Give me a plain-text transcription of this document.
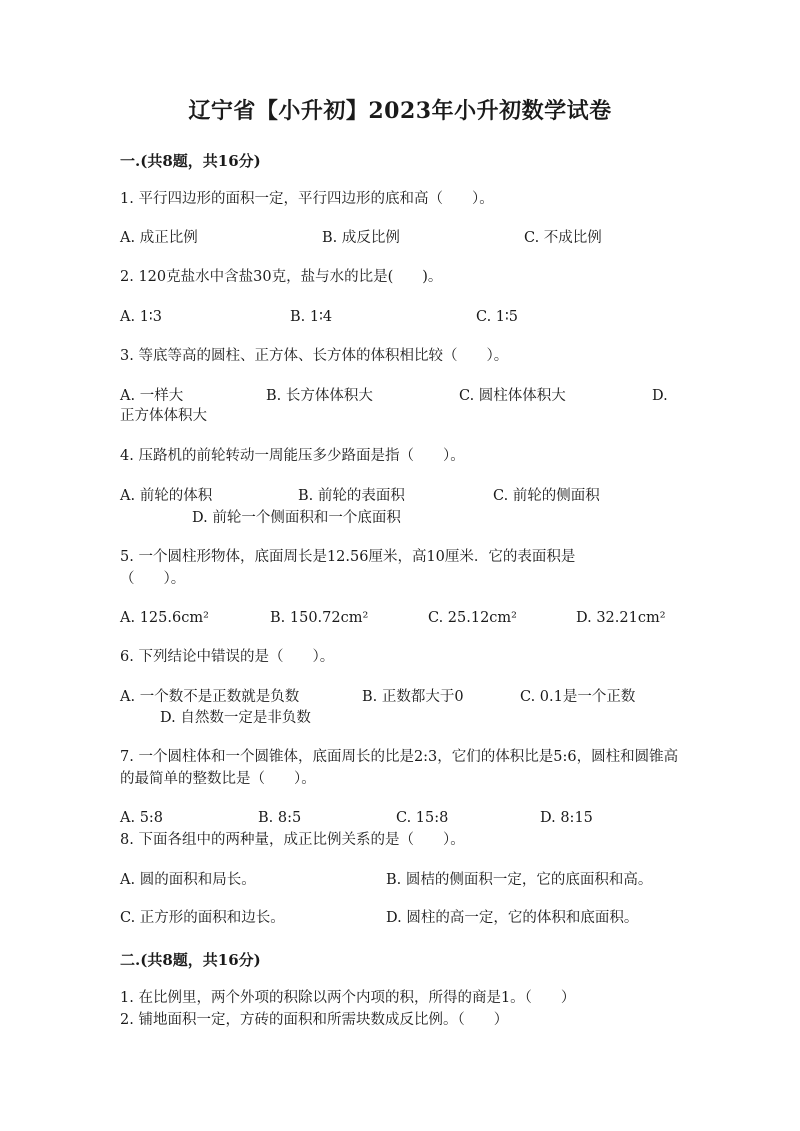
辽宁省【小升初】2023年小升初数学试卷
一.(共8题，共16分)
1. 平行四边形的面积一定，平行四边形的底和高（　　）。
A. 成正比例	B. 成反比例	C. 不成比例
2. 120克盐水中含盐30克，盐与水的比是(　　)。
A. 1∶3	B. 1∶4	C. 1∶5
3. 等底等高的圆柱、正方体、长方体的体积相比较（　　）。
A. 一样大	B. 长方体体积大	C. 圆柱体体积大	D.
正方体体积大
4. 压路机的前轮转动一周能压多少路面是指（　　）。
A. 前轮的体积	B. 前轮的表面积	C. 前轮的侧面积
D. 前轮一个侧面积和一个底面积
5. 一个圆柱形物体，底面周长是12.56厘米，高10厘米．它的表面积是（　　）。
A. 125.6cm²	B. 150.72cm²	C. 25.12cm²	D. 32.21cm²
6. 下列结论中错误的是（　　）。
A. 一个数不是正数就是负数	B. 正数都大于0	C. 0.1是一个正数
D. 自然数一定是非负数
7. 一个圆柱体和一个圆锥体，底面周长的比是2:3，它们的体积比是5:6，圆柱和圆锥高的最简单的整数比是（　　）。
A. 5:8	B. 8:5	C. 15:8	D. 8:15
8. 下面各组中的两种量，成正比例关系的是（　　）。
A. 圆的面积和局长。	B. 圆桔的侧面积一定，它的底面积和高。
C. 正方形的面积和边长。	D. 圆柱的高一定，它的体积和底面积。
二.(共8题，共16分)
1. 在比例里，两个外项的积除以两个内项的积，所得的商是1。（　　）
2. 铺地面积一定，方砖的面积和所需块数成反比例。（　　）
